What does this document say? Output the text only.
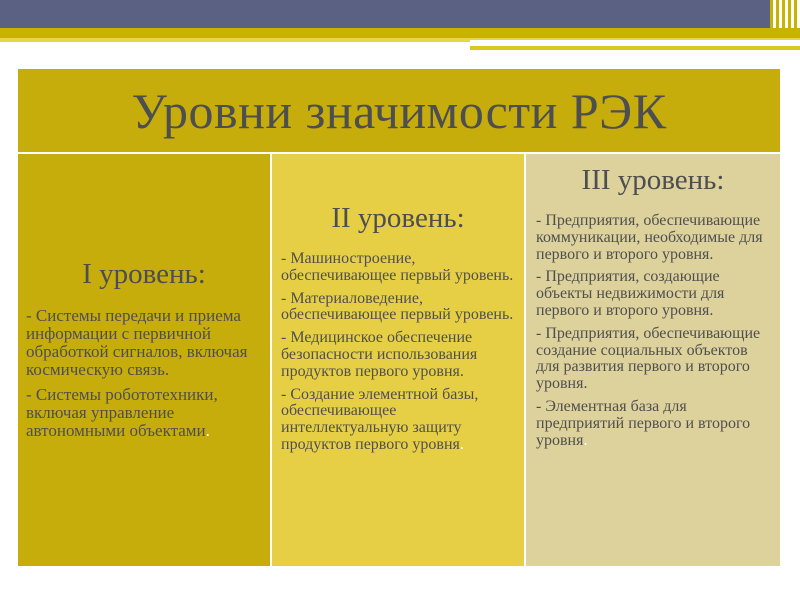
Уровни значимости РЭК
I уровень:

- Системы передачи и приема информации с первичной обработкой сигналов, включая космическую связь.

- Системы робототехники, включая управление автономными объектами.

II уровень:

- Машиностроение, обеспечивающее первый уровень.

- Материаловедение, обеспечивающее первый уровень.

- Медицинское обеспечение безопасности использования продуктов первого уровня.

- Создание элементной базы, обеспечивающее интеллектуальную защиту продуктов первого уровня.

III уровень:

- Предприятия, обеспечивающие коммуникации, необходимые для первого и второго уровня.

- Предприятия, создающие объекты недвижимости для первого и второго уровня.

- Предприятия, обеспечивающие создание социальных объектов для развития первого и второго уровня.

- Элементная база для предприятий первого и второго уровня.
